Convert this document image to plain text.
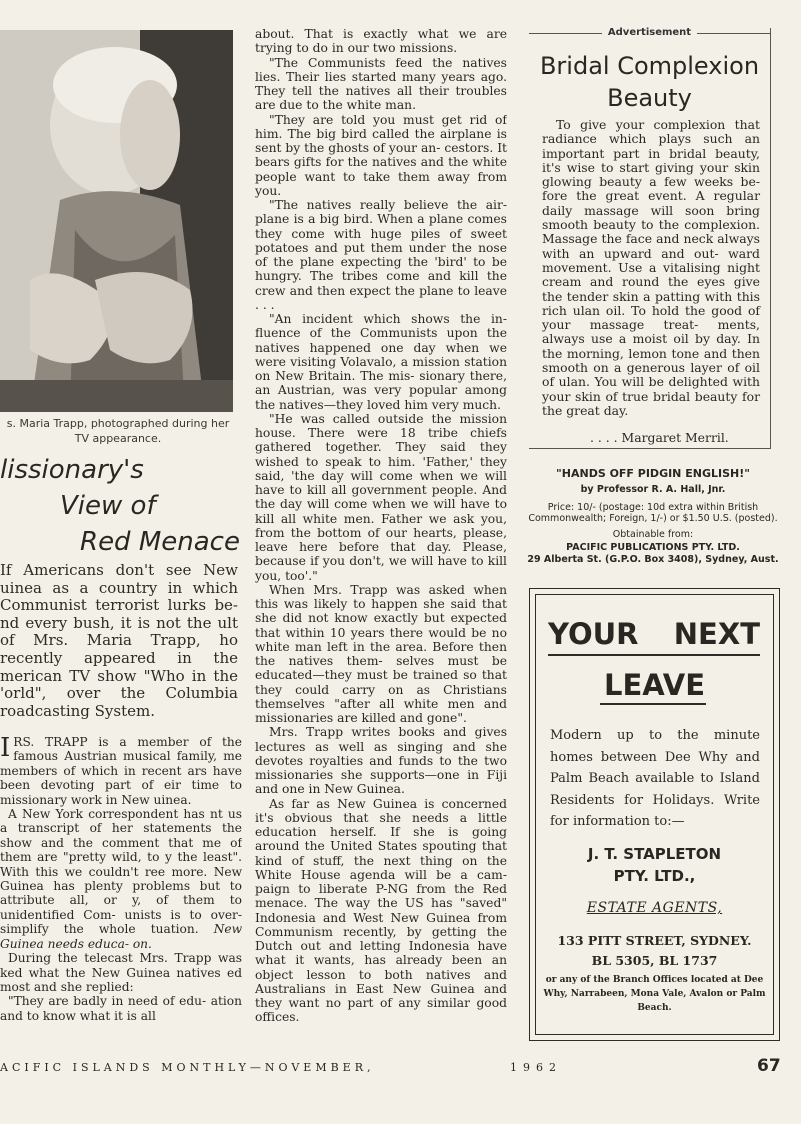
s. Maria Trapp, photographed during her TV appearance.
lissionary's
View of
Red Menace

If Americans don't see New uinea as a country in which Communist terrorist lurks be- nd every bush, it is not the ult of Mrs. Maria Trapp, ho recently appeared in the merican TV show "Who in the 'orld", over the Columbia roadcasting System.

IRS. TRAPP is a member of the famous Austrian musical family, me members of which in recent ars have been devoting part of eir time to missionary work in New uinea.

A New York correspondent has nt us a transcript of her statements the show and the comment that me of them are "pretty wild, to y the least". With this we couldn't ree more. New Guinea has plenty problems but to attribute all, or y, of them to unidentified Com- unists is to over-simplify the whole tuation. New Guinea needs educa- on.

During the telecast Mrs. Trapp was ked what the New Guinea natives ed most and she replied:

"They are badly in need of edu- ation and to know what it is all

about. That is exactly what we are trying to do in our two missions.

"The Communists feed the natives lies. Their lies started many years ago. They tell the natives all their troubles are due to the white man.

"They are told you must get rid of him. The big bird called the airplane is sent by the ghosts of your an- cestors. It bears gifts for the natives and the white people want to take them away from you.

"The natives really believe the air- plane is a big bird. When a plane comes they come with huge piles of sweet potatoes and put them under the nose of the plane expecting the 'bird' to be hungry. The tribes come and kill the crew and then expect the plane to leave . . .

"An incident which shows the in- fluence of the Communists upon the natives happened one day when we were visiting Volavalo, a mission station on New Britain. The mis- sionary there, an Austrian, was very popular among the natives—they loved him very much.

"He was called outside the mission house. There were 18 tribe chiefs gathered together. They said they wished to speak to him. 'Father,' they said, 'the day will come when we will have to kill all government people. And the day will come when we will have to kill all white men. Father we ask you, from the bottom of our hearts, please, leave here before that day. Please, because if you don't, we will have to kill you, too'."

When Mrs. Trapp was asked when this was likely to happen she said that she did not know exactly but expected that within 10 years there would be no white man left in the area. Before then the natives them- selves must be educated—they must be trained so that they could carry on as Christians themselves "after all white men and missionaries are killed and gone".

Mrs. Trapp writes books and gives lectures as well as singing and she devotes royalties and funds to the two missionaries she supports—one in Fiji and one in New Guinea.

As far as New Guinea is concerned it's obvious that she needs a little education herself. If she is going around the United States spouting that kind of stuff, the next thing on the White House agenda will be a cam- paign to liberate P-NG from the Red menace. The way the US has "saved" Indonesia and West New Guinea from Communism recently, by getting the Dutch out and letting Indonesia have what it wants, has already been an object lesson to both natives and Australians in East New Guinea and they want no part of any similar good offices.

Advertisement
Bridal Complexion
Beauty
To give your complexion that radiance which plays such an important part in bridal beauty, it's wise to start giving your skin glowing beauty a few weeks be- fore the great event. A regular daily massage will soon bring smooth beauty to the complexion. Massage the face and neck always with an upward and out- ward movement. Use a vitalising night cream and round the eyes give the tender skin a patting with this rich ulan oil. To hold the good of your massage treat- ments, always use a moist oil by day. In the morning, lemon tone and then smooth on a generous layer of oil of ulan. You will be delighted with your skin of true bridal beauty for the great day.
. . . . Margaret Merril.
"HANDS OFF PIDGIN ENGLISH!"
by Professor R. A. Hall, Jnr.
Price: 10/- (postage: 10d extra within British Commonwealth; Foreign, 1/-) or $1.50 U.S. (posted).
Obtainable from:
PACIFIC PUBLICATIONS PTY. LTD.
29 Alberta St. (G.P.O. Box 3408), Sydney, Aust.
YOUR NEXT
LEAVE
Modern up to the minute homes between Dee Why and Palm Beach available to Island Residents for Holidays. Write for information to:—
J. T. STAPLETON
PTY. LTD.,
ESTATE AGENTS,
133 PITT STREET, SYDNEY.
BL 5305, BL 1737
or any of the Branch Offices located at Dee Why, Narrabeen, Mona Vale, Avalon or Palm Beach.
ACIFIC ISLANDS MONTHLY—NOVEMBER,	1962	67
